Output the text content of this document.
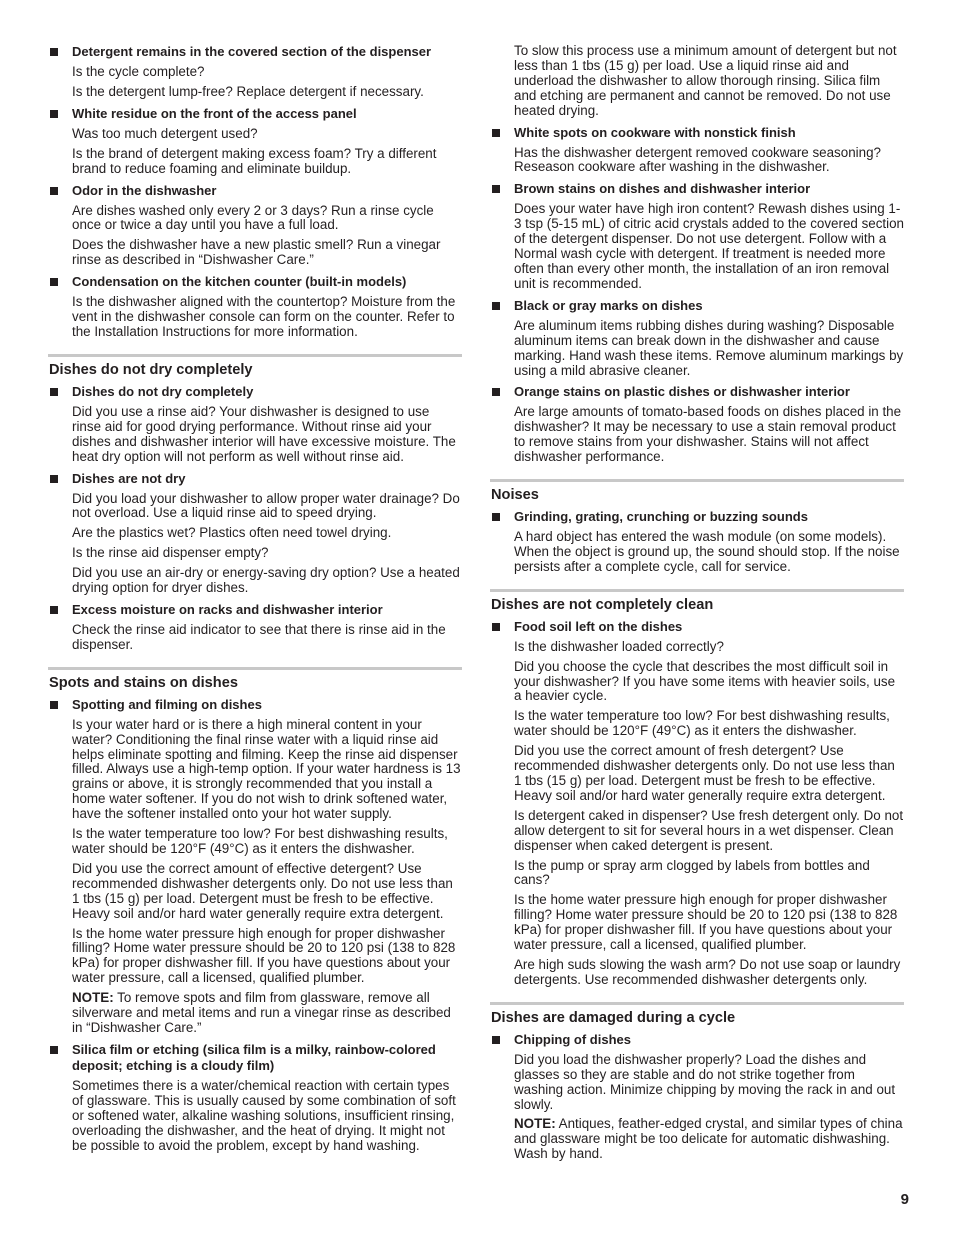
Detergent remains in the covered section of the dispenser

Is the cycle complete?

Is the detergent lump-free? Replace detergent if necessary.

White residue on the front of the access panel

Was too much detergent used?

Is the brand of detergent making excess foam? Try a different brand to reduce foaming and eliminate buildup.

Odor in the dishwasher

Are dishes washed only every 2 or 3 days? Run a rinse cycle once or twice a day until you have a full load.

Does the dishwasher have a new plastic smell? Run a vinegar rinse as described in “Dishwasher Care.”

Condensation on the kitchen counter (built-in models)

Is the dishwasher aligned with the countertop? Moisture from the vent in the dishwasher console can form on the counter. Refer to the Installation Instructions for more information.

Dishes do not dry completely
Dishes do not dry completely

Did you use a rinse aid? Your dishwasher is designed to use rinse aid for good drying performance. Without rinse aid your dishes and dishwasher interior will have excessive moisture. The heat dry option will not perform as well without rinse aid.

Dishes are not dry

Did you load your dishwasher to allow proper water drainage? Do not overload. Use a liquid rinse aid to speed drying.

Are the plastics wet? Plastics often need towel drying.

Is the rinse aid dispenser empty?

Did you use an air-dry or energy-saving dry option? Use a heated drying option for dryer dishes.

Excess moisture on racks and dishwasher interior

Check the rinse aid indicator to see that there is rinse aid in the dispenser.

Spots and stains on dishes
Spotting and filming on dishes

Is your water hard or is there a high mineral content in your water? Conditioning the final rinse water with a liquid rinse aid helps eliminate spotting and filming. Keep the rinse aid dispenser filled. Always use a high-temp option. If your water hardness is 13 grains or above, it is strongly recommended that you install a home water softener. If you do not wish to drink softened water, have the softener installed onto your hot water supply.

Is the water temperature too low? For best dishwashing results, water should be 120°F (49°C) as it enters the dishwasher.

Did you use the correct amount of effective detergent? Use recommended dishwasher detergents only. Do not use less than 1 tbs (15 g) per load. Detergent must be fresh to be effective. Heavy soil and/or hard water generally require extra detergent.

Is the home water pressure high enough for proper dishwasher filling? Home water pressure should be 20 to 120 psi (138 to 828 kPa) for proper dishwasher fill. If you have questions about your water pressure, call a licensed, qualified plumber.

NOTE: To remove spots and film from glassware, remove all silverware and metal items and run a vinegar rinse as described in “Dishwasher Care.”

Silica film or etching (silica film is a milky, rainbow-colored deposit; etching is a cloudy film)

Sometimes there is a water/chemical reaction with certain types of glassware. This is usually caused by some combination of soft or softened water, alkaline washing solutions, insufficient rinsing, overloading the dishwasher, and the heat of drying. It might not be possible to avoid the problem, except by hand washing.

To slow this process use a minimum amount of detergent but not less than 1 tbs (15 g) per load. Use a liquid rinse aid and underload the dishwasher to allow thorough rinsing. Silica film and etching are permanent and cannot be removed. Do not use heated drying.

White spots on cookware with nonstick finish

Has the dishwasher detergent removed cookware seasoning? Reseason cookware after washing in the dishwasher.

Brown stains on dishes and dishwasher interior

Does your water have high iron content? Rewash dishes using 1-3 tsp (5-15 mL) of citric acid crystals added to the covered section of the detergent dispenser. Do not use detergent. Follow with a Normal wash cycle with detergent. If treatment is needed more often than every other month, the installation of an iron removal unit is recommended.

Black or gray marks on dishes

Are aluminum items rubbing dishes during washing? Disposable aluminum items can break down in the dishwasher and cause marking. Hand wash these items. Remove aluminum markings by using a mild abrasive cleaner.

Orange stains on plastic dishes or dishwasher interior

Are large amounts of tomato-based foods on dishes placed in the dishwasher? It may be necessary to use a stain removal product to remove stains from your dishwasher. Stains will not affect dishwasher performance.

Noises
Grinding, grating, crunching or buzzing sounds

A hard object has entered the wash module (on some models). When the object is ground up, the sound should stop. If the noise persists after a complete cycle, call for service.

Dishes are not completely clean
Food soil left on the dishes

Is the dishwasher loaded correctly?

Did you choose the cycle that describes the most difficult soil in your dishwasher? If you have some items with heavier soils, use a heavier cycle.

Is the water temperature too low? For best dishwashing results, water should be 120°F (49°C) as it enters the dishwasher.

Did you use the correct amount of fresh detergent? Use recommended dishwasher detergents only. Do not use less than 1 tbs (15 g) per load. Detergent must be fresh to be effective. Heavy soil and/or hard water generally require extra detergent.

Is detergent caked in dispenser? Use fresh detergent only. Do not allow detergent to sit for several hours in a wet dispenser. Clean dispenser when caked detergent is present.

Is the pump or spray arm clogged by labels from bottles and cans?

Is the home water pressure high enough for proper dishwasher filling? Home water pressure should be 20 to 120 psi (138 to 828 kPa) for proper dishwasher fill. If you have questions about your water pressure, call a licensed, qualified plumber.

Are high suds slowing the wash arm? Do not use soap or laundry detergents. Use recommended dishwasher detergents only.

Dishes are damaged during a cycle
Chipping of dishes

Did you load the dishwasher properly? Load the dishes and glasses so they are stable and do not strike together from washing action. Minimize chipping by moving the rack in and out slowly.

NOTE: Antiques, feather-edged crystal, and similar types of china and glassware might be too delicate for automatic dishwashing. Wash by hand.

9
